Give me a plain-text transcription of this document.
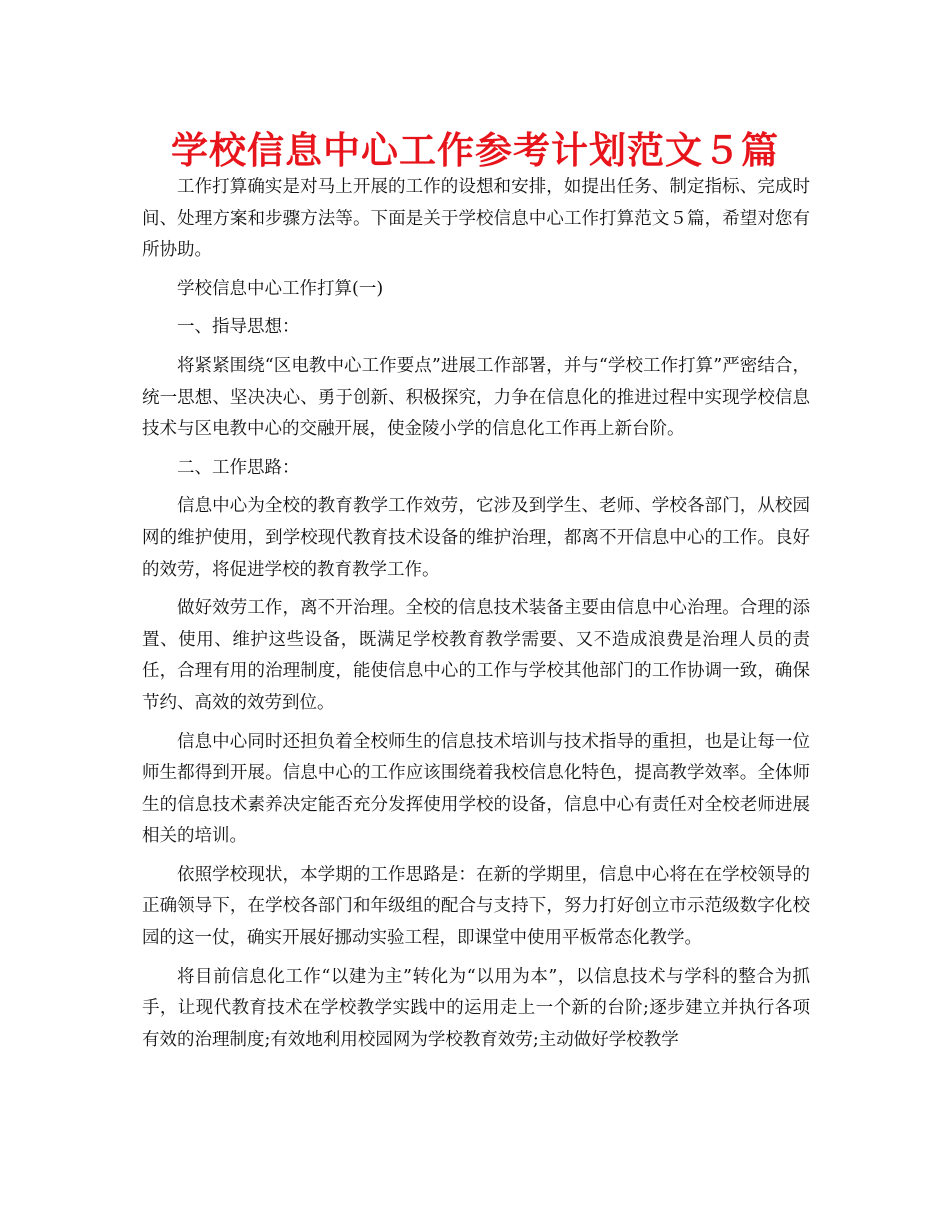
学校信息中心工作参考计划范文５篇

工作打算确实是对马上开展的工作的设想和安排，如提出任务、制定指标、完成时间、处理方案和步骤方法等。下面是关于学校信息中心工作打算范文５篇，希望对您有所协助。

学校信息中心工作打算(一)

一、指导思想：

将紧紧围绕“区电教中心工作要点”进展工作部署，并与“学校工作打算”严密结合，统一思想、坚决决心、勇于创新、积极探究，力争在信息化的推进过程中实现学校信息技术与区电教中心的交融开展，使金陵小学的信息化工作再上新台阶。

二、工作思路：

信息中心为全校的教育教学工作效劳，它涉及到学生、老师、学校各部门，从校园网的维护使用，到学校现代教育技术设备的维护治理，都离不开信息中心的工作。良好的效劳，将促进学校的教育教学工作。

做好效劳工作，离不开治理。全校的信息技术装备主要由信息中心治理。合理的添置、使用、维护这些设备，既满足学校教育教学需要、又不造成浪费是治理人员的责任，合理有用的治理制度，能使信息中心的工作与学校其他部门的工作协调一致，确保节约、高效的效劳到位。

信息中心同时还担负着全校师生的信息技术培训与技术指导的重担，也是让每一位师生都得到开展。信息中心的工作应该围绕着我校信息化特色，提高教学效率。全体师生的信息技术素养决定能否充分发挥使用学校的设备，信息中心有责任对全校老师进展相关的培训。

依照学校现状，本学期的工作思路是：在新的学期里，信息中心将在在学校领导的正确领导下，在学校各部门和年级组的配合与支持下，努力打好创立市示范级数字化校园的这一仗，确实开展好挪动实验工程，即课堂中使用平板常态化教学。

将目前信息化工作“以建为主”转化为“以用为本”，以信息技术与学科的整合为抓手，让现代教育技术在学校教学实践中的运用走上一个新的台阶;逐步建立并执行各项有效的治理制度;有效地利用校园网为学校教育效劳;主动做好学校教学
